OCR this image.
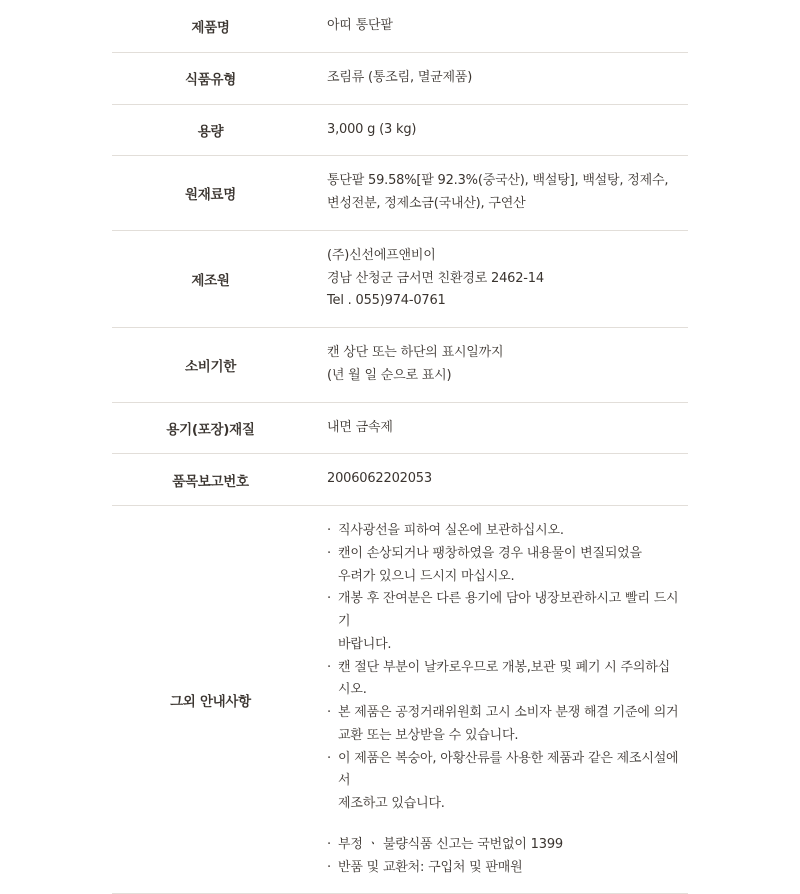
제품명	아띠 통단팥

식품유형	조림류 (통조림, 멸균제품)

용량	3,000 g (3 kg)

원재료명	통단팥 59.58%[팥 92.3%(중국산), 백설탕], 백설탕, 정제수,
변성전분, 정제소금(국내산), 구연산

제조원	(주)신선에프앤비이
경남 산청군 금서면 친환경로 2462-14
Tel . 055)974-0761

소비기한	캔 상단 또는 하단의 표시일까지
(년 월 일 순으로 표시)

용기(포장)재질	내면 금속제

품목보고번호	2006062202053

그외 안내사항	
· 직사광선을 피하여 실온에 보관하십시오.
· 캔이 손상되거나 팽창하였을 경우 내용물이 변질되었을
우려가 있으니 드시지 마십시오.
· 개봉 후 잔여분은 다른 용기에 담아 냉장보관하시고 빨리 드시기
바랍니다.
· 캔 절단 부분이 날카로우므로 개봉,보관 및 폐기 시 주의하십시오.
· 본 제품은 공정거래위원회 고시 소비자 분쟁 해결 기준에 의거
교환 또는 보상받을 수 있습니다.
· 이 제품은 복숭아, 아황산류를 사용한 제품과 같은 제조시설에서
제조하고 있습니다.
· 부정 ㆍ 불량식품 신고는 국번없이 1399
· 반품 및 교환처: 구입처 및 판매원
